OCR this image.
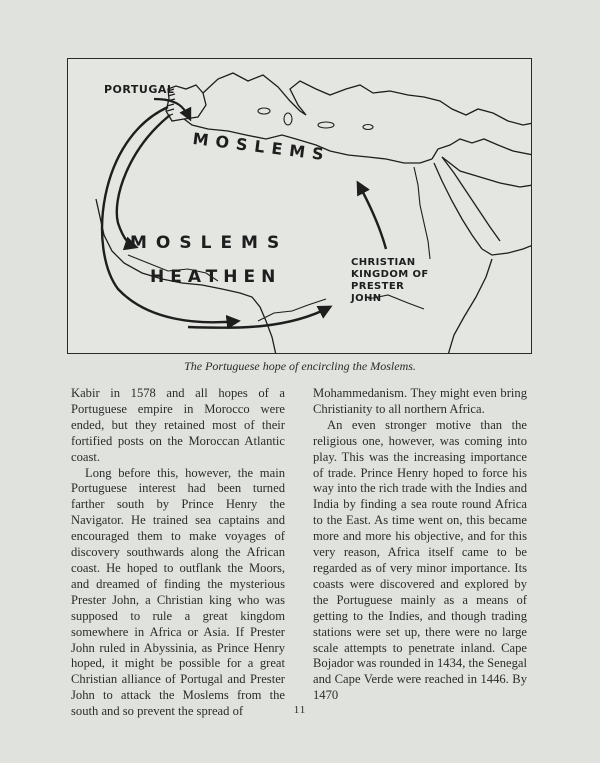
PORTUGAL
MOSLEMS
MOSLEMS
HEATHEN
CHRISTIAN
KINGDOM OF
PRESTER
JOHN
The Portuguese hope of encircling the Moslems.

Kabir in 1578 and all hopes of a Portuguese empire in Morocco were ended, but they retained most of their fortified posts on the Moroccan Atlantic coast.

Long before this, however, the main Portuguese interest had been turned farther south by Prince Henry the Navigator. He trained sea captains and encouraged them to make voyages of discovery southwards along the African coast. He hoped to outflank the Moors, and dreamed of finding the mysterious Prester John, a Christian king who was supposed to rule a great kingdom somewhere in Africa or Asia. If Prester John ruled in Abyssinia, as Prince Henry hoped, it might be possible for a great Christian alliance of Portugal and Prester John to attack the Moslems from the south and so prevent the spread of

Mohammedanism. They might even bring Christianity to all northern Africa.

An even stronger motive than the religious one, however, was coming into play. This was the increasing importance of trade. Prince Henry hoped to force his way into the rich trade with the Indies and India by finding a sea route round Africa to the East. As time went on, this became more and more his objective, and for this very reason, Africa itself came to be regarded as of very minor importance. Its coasts were discovered and explored by the Portuguese mainly as a means of getting to the Indies, and though trading stations were set up, there were no large scale attempts to penetrate inland. Cape Bojador was rounded in 1434, the Senegal and Cape Verde were reached in 1446. By 1470

11
